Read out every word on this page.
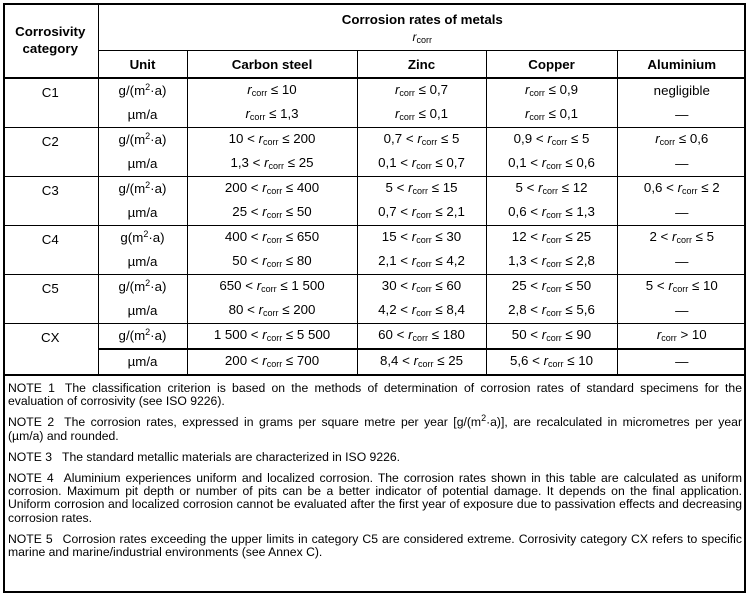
Corrosivity category	Corrosion rates of metals				
	$r_{corr}$
	Unit	Carbon steel	Zinc	Copper	Aluminium
C1	$g/(m^2\cdot a)$	$r_{corr} \le 10$	$r_{corr} \le 0,7$	$r_{corr} \le 0,9$	negligible
	µm/a	$r_{corr} \le 1,3$	$r_{corr} \le 0,1$	$r_{corr} \le 0,1$	—
C2	$g/(m^2\cdot a)$	$10 < r_{corr} \le 200$	$0,7 < r_{corr} \le 5$	$0,9 < r_{corr} \le 5$	$r_{corr} \le 0,6$
	µm/a	$1,3 < r_{corr} \le 25$	$0,1 < r_{corr} \le 0,7$	$0,1 < r_{corr} \le 0,6$	—
C3	$g/(m^2\cdot a)$	$200 < r_{corr} \le 400$	$5 < r_{corr} \le 15$	$5 < r_{corr} \le 12$	$0,6 < r_{corr} \le 2$
	µm/a	$25 < r_{corr} \le 50$	$0,7 < r_{corr} \le 2,1$	$0,6 < r_{corr} \le 1,3$	—
C4	$g(m^2\cdot a)$	$400 < r_{corr} \le 650$	$15 < r_{corr} \le 30$	$12 < r_{corr} \le 25$	$2 < r_{corr} \le 5$
	µm/a	$50 < r_{corr} \le 80$	$2,1 < r_{corr} \le 4,2$	$1,3 < r_{corr} \le 2,8$	—
C5	$g/(m^2\cdot a)$	$650 < r_{corr} \le 1$ 500	$30 < r_{corr} \le 60$	$25 < r_{corr} \le 50$	$5 < r_{corr} \le 10$
	µm/a	$80 < r_{corr} \le 200$	$4,2 < r_{corr} \le 8,4$	$2,8 < r_{corr} \le 5,6$	—
CX	$g/(m^2\cdot a)$	1 $500 < r_{corr} \le 5$ 500	$60 < r_{corr} \le 180$	$50 < r_{corr} \le 90$	$r_{corr} > 10$
	µm/a	$200 < r_{corr} \le 700$	$8,4 < r_{corr} \le 25$	$5,6 < r_{corr} \le 10$	—

NOTE 1 The classification criterion is based on the methods of determination of corrosion rates of standard specimens for the evaluation of corrosivity (see ISO 9226).

NOTE 2 The corrosion rates, expressed in grams per square metre per year $[g/(m^2\cdot a)]$, are recalculated in micrometres per year (µm/a) and rounded.

NOTE 3 The standard metallic materials are characterized in ISO 9226.

NOTE 4 Aluminium experiences uniform and localized corrosion. The corrosion rates shown in this table are calculated as uniform corrosion. Maximum pit depth or number of pits can be a better indicator of potential damage. It depends on the final application. Uniform corrosion and localized corrosion cannot be evaluated after the first year of exposure due to passivation effects and decreasing corrosion rates.

NOTE 5 Corrosion rates exceeding the upper limits in category C5 are considered extreme. Corrosivity category CX refers to specific marine and marine/industrial environments (see Annex C).
